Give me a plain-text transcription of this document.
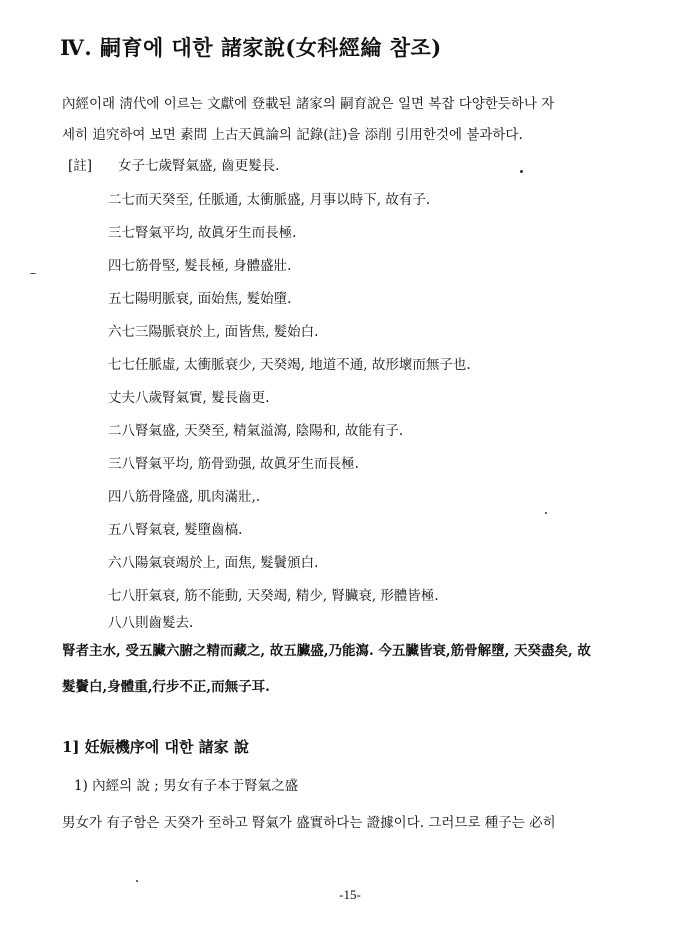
Ⅳ. 嗣育에 대한 諸家說(女科經綸 참조)
內經이래 淸代에 이르는 文獻에 登載된 諸家의 嗣育說은 일면 복잡 다양한듯하나 자
세히 追究하여 보면 素問 上古天眞論의 記錄(註)을 添削 引用한것에 불과하다.
[註] 女子七歲腎氣盛, 齒更髮長.
二七而天癸至, 任脈通, 太衝脈盛, 月事以時下, 故有子.
三七腎氣平均, 故眞牙生而長極.
四七筋骨堅, 髮長極, 身體盛壯.
五七陽明脈衰, 面始焦, 髮始墮.
六七三陽脈衰於上, 面皆焦, 髮始白.
七七任脈虛, 太衝脈衰少, 天癸竭, 地道不通, 故形壞而無子也.
丈夫八歲腎氣實, 髮長齒更.
二八腎氣盛, 天癸至, 精氣溢瀉, 陰陽和, 故能有子.
三八腎氣平均, 筋骨勁强, 故眞牙生而長極.
四八筋骨隆盛, 肌肉滿壯,.
五八腎氣衰, 髮墮齒槁.
六八陽氣衰竭於上, 面焦, 髮鬢頒白.
七八肝氣衰, 筋不能動, 天癸竭, 精少, 腎臟衰, 形體皆極.
腎者主水, 受五臟六腑之精而藏之, 故五臟盛,乃能瀉. 今五臟皆衰,筋骨解墮, 天癸盡矣, 故
髮鬢白,身體重,行步不正,而無子耳.
1] 妊娠機序에 대한 諸家 說
1) 內經의 說 ; 男女有子本于腎氣之盛
男女가 有子함은 天癸가 至하고 腎氣가 盛實하다는 證據이다. 그러므로 種子는 必히
-15-
八八則齒髮去.
